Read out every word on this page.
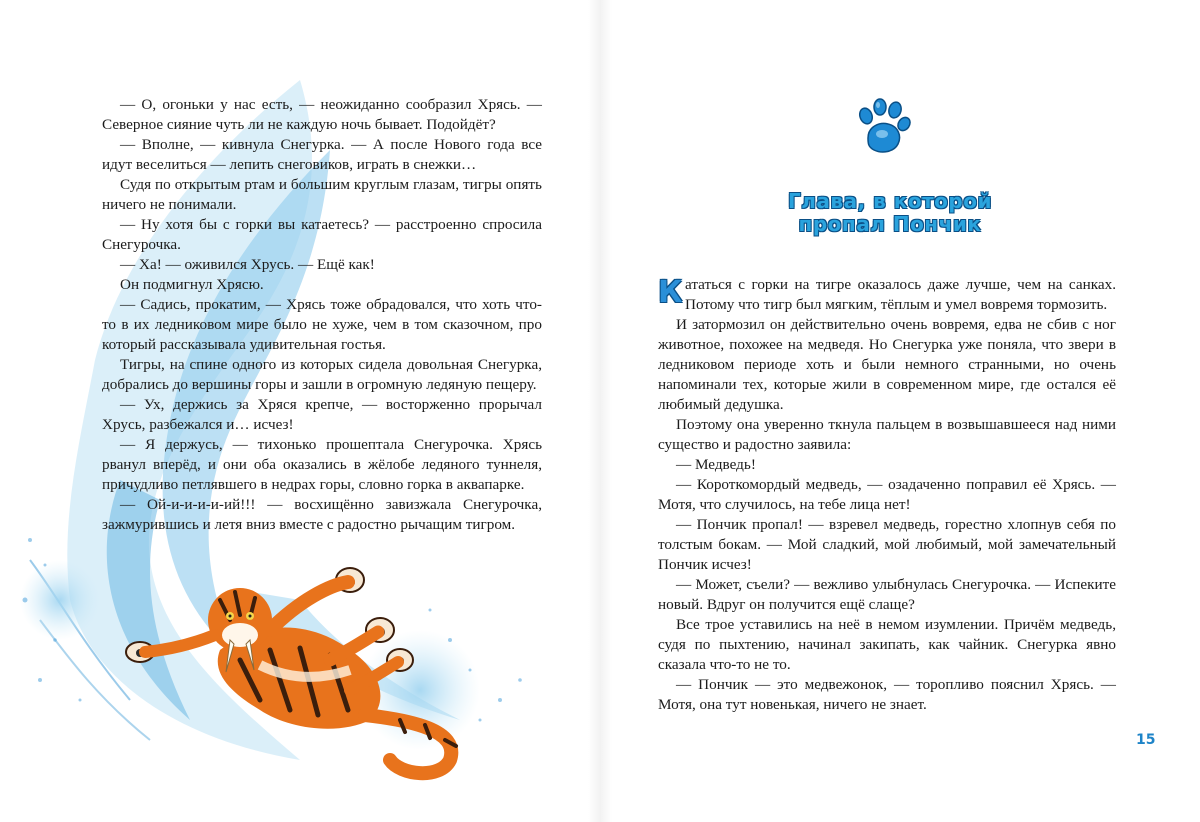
— О, огоньки у нас есть, — неожиданно сообразил Хрясь. — Северное сияние чуть ли не каждую ночь бывает. Подойдёт?

— Вполне, — кивнула Снегурка. — А после Нового года все идут веселиться — лепить снеговиков, играть в снежки…

Судя по открытым ртам и большим круглым глазам, тигры опять ничего не понимали.

— Ну хотя бы с горки вы катаетесь? — расстроенно спросила Снегурочка.

— Ха! — оживился Хрусь. — Ещё как!

Он подмигнул Хрясю.

— Садись, прокатим, — Хрясь тоже обрадовался, что хоть что-то в их ледниковом мире было не хуже, чем в том сказочном, про который рассказывала удивительная гостья.

Тигры, на спине одного из которых сидела довольная Снегурка, добрались до вершины горы и зашли в огромную ледяную пещеру.

— Ух, держись за Хряся крепче, — восторженно прорычал Хрусь, разбежался и… исчез!

— Я держусь, — тихонько прошептала Снегурочка. Хрясь рванул вперёд, и они оба оказались в жёлобе ледяного туннеля, причудливо петлявшего в недрах горы, словно горка в аквапарке.

— Ой-и-и-и-и-ий!!! — восхищённо завизжала Снегурочка, зажмурившись и летя вниз вместе с радостно рычащим тигром.

Глава, в которой
пропал Пончик

Кататься с горки на тигре оказалось даже лучше, чем на санках. Потому что тигр был мягким, тёплым и умел вовремя тормозить.

И затормозил он действительно очень вовремя, едва не сбив с ног животное, похожее на медведя. Но Снегурка уже поняла, что звери в ледниковом периоде хоть и были немного странными, но очень напоминали тех, которые жили в современном мире, где остался её любимый дедушка.

Поэтому она уверенно ткнула пальцем в возвышавшееся над ними существо и радостно заявила:

— Медведь!

— Короткомордый медведь, — озадаченно поправил её Хрясь. — Мотя, что случилось, на тебе лица нет!

— Пончик пропал! — взревел медведь, горестно хлопнув себя по толстым бокам. — Мой сладкий, мой любимый, мой замечательный Пончик исчез!

— Может, съели? — вежливо улыбнулась Снегурочка. — Испеките новый. Вдруг он получится ещё слаще?

Все трое уставились на неё в немом изумлении. Причём медведь, судя по пыхтению, начинал закипать, как чайник. Снегурка явно сказала что-то не то.

— Пончик — это медвежонок, — торопливо пояснил Хрясь. — Мотя, она тут новенькая, ничего не знает.

15
